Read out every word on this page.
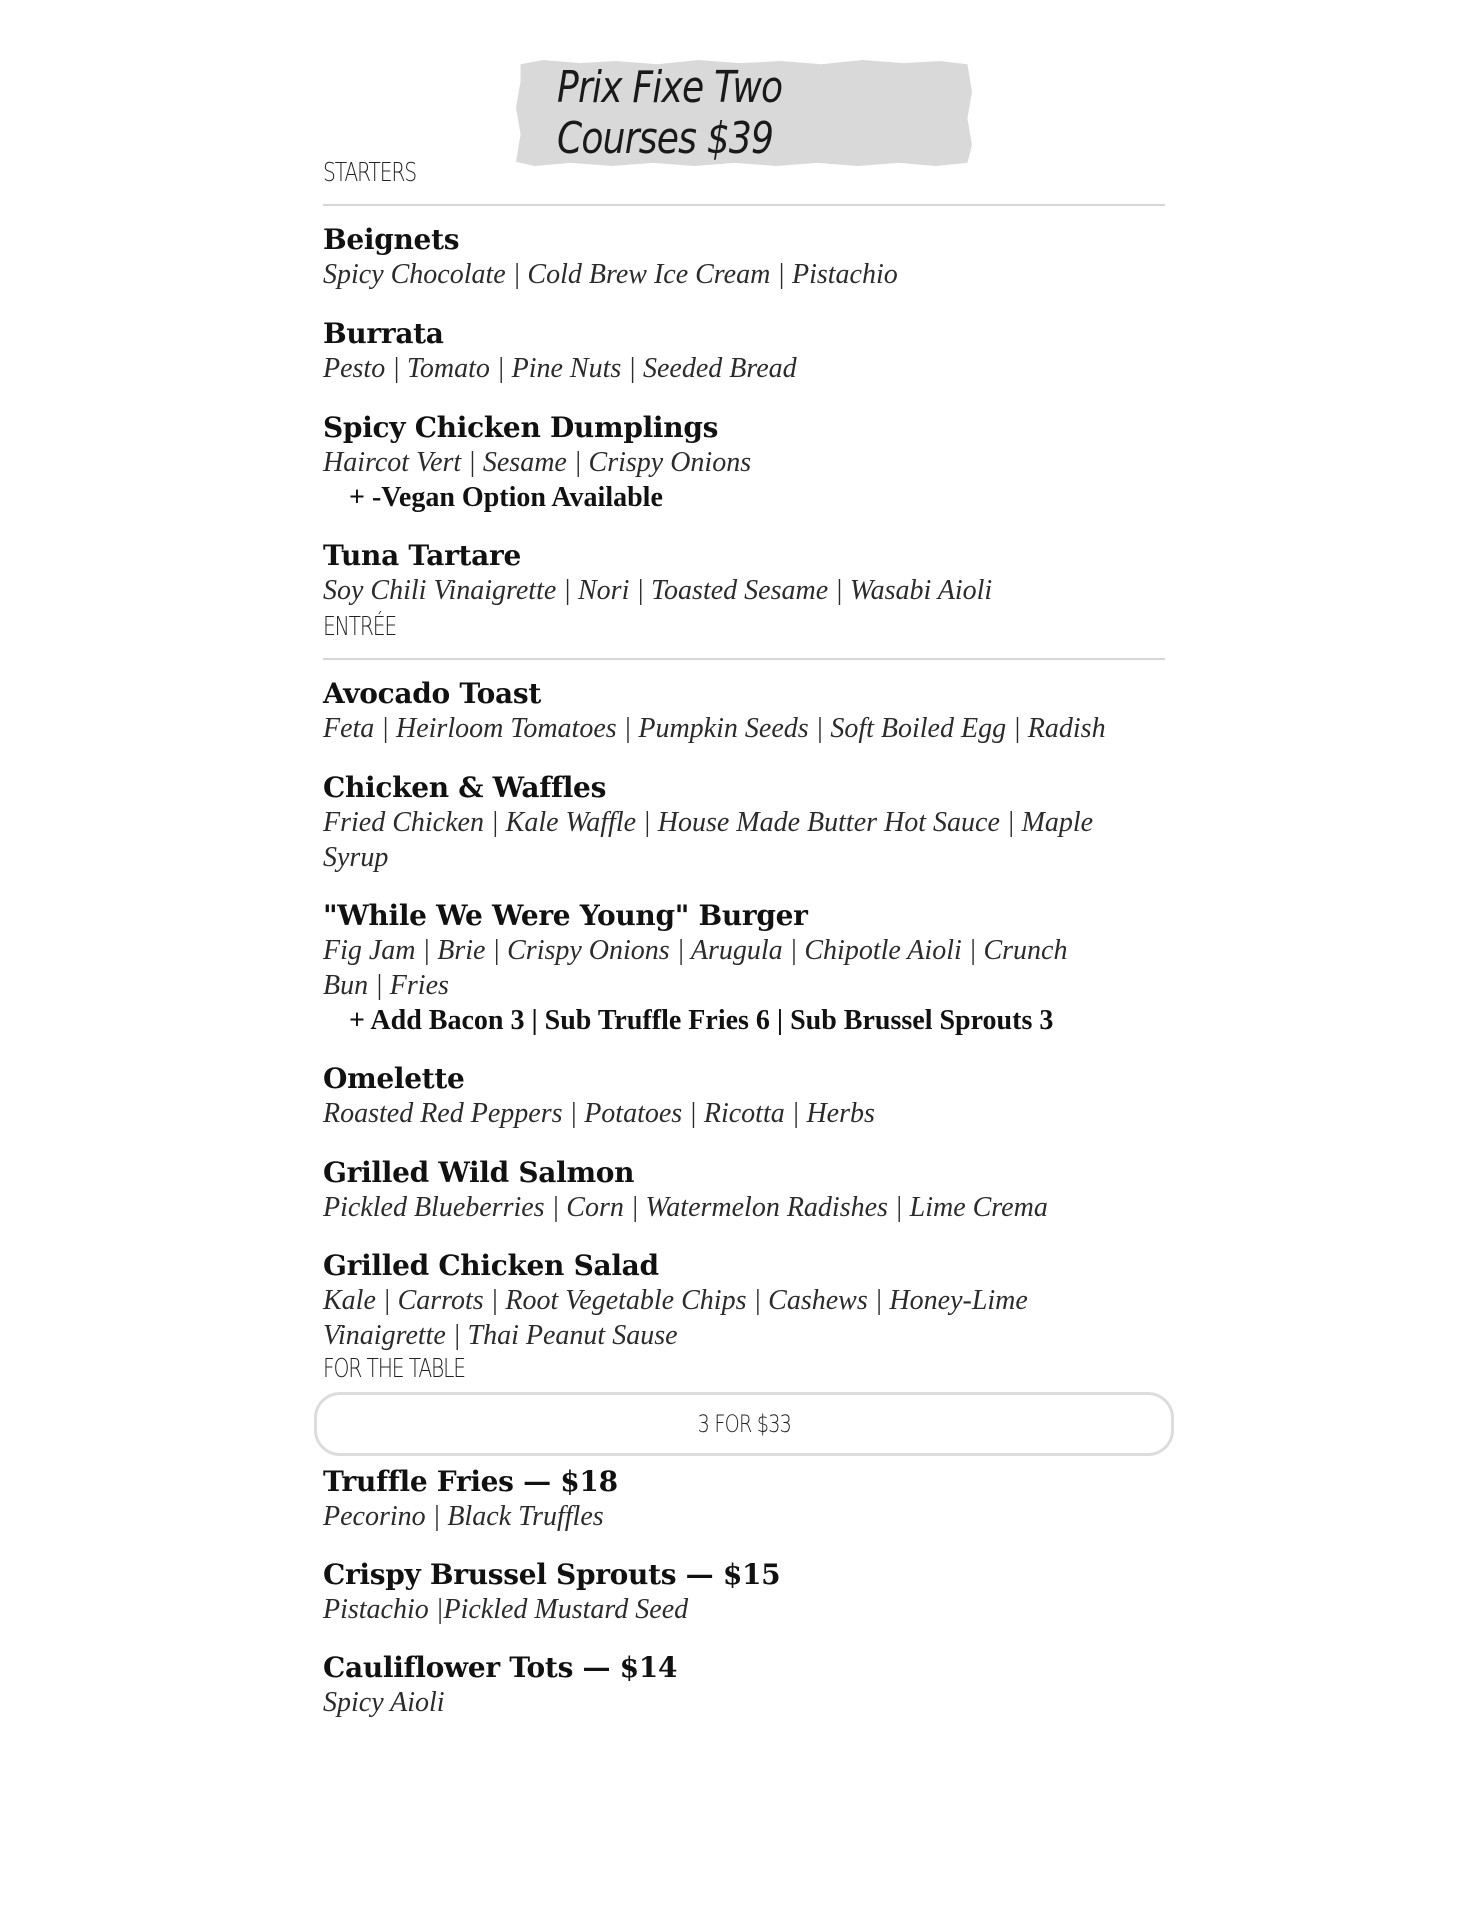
Prix Fixe Two Courses $39
STARTERS
Beignets
Spicy Chocolate | Cold Brew Ice Cream | Pistachio
Burrata
Pesto | Tomato | Pine Nuts | Seeded Bread
Spicy Chicken Dumplings
Haircot Vert | Sesame | Crispy Onions
+ -Vegan Option Available
Tuna Tartare
Soy Chili Vinaigrette | Nori | Toasted Sesame | Wasabi Aioli
ENTRÉE
Avocado Toast
Feta | Heirloom Tomatoes | Pumpkin Seeds | Soft Boiled Egg | Radish
Chicken & Waffles
Fried Chicken | Kale Waffle | House Made Butter Hot Sauce | Maple
Syrup
"While We Were Young" Burger
Fig Jam | Brie | Crispy Onions | Arugula | Chipotle Aioli | Crunch
Bun | Fries
+ Add Bacon 3 | Sub Truffle Fries 6 | Sub Brussel Sprouts 3
Omelette
Roasted Red Peppers | Potatoes | Ricotta | Herbs
Grilled Wild Salmon
Pickled Blueberries | Corn | Watermelon Radishes | Lime Crema
Grilled Chicken Salad
Kale | Carrots | Root Vegetable Chips | Cashews | Honey-Lime
Vinaigrette | Thai Peanut Sause
FOR THE TABLE
3 FOR $33
Truffle Fries — $18
Pecorino | Black Truffles
Crispy Brussel Sprouts — $15
Pistachio |Pickled Mustard Seed
Cauliflower Tots — $14
Spicy Aioli
